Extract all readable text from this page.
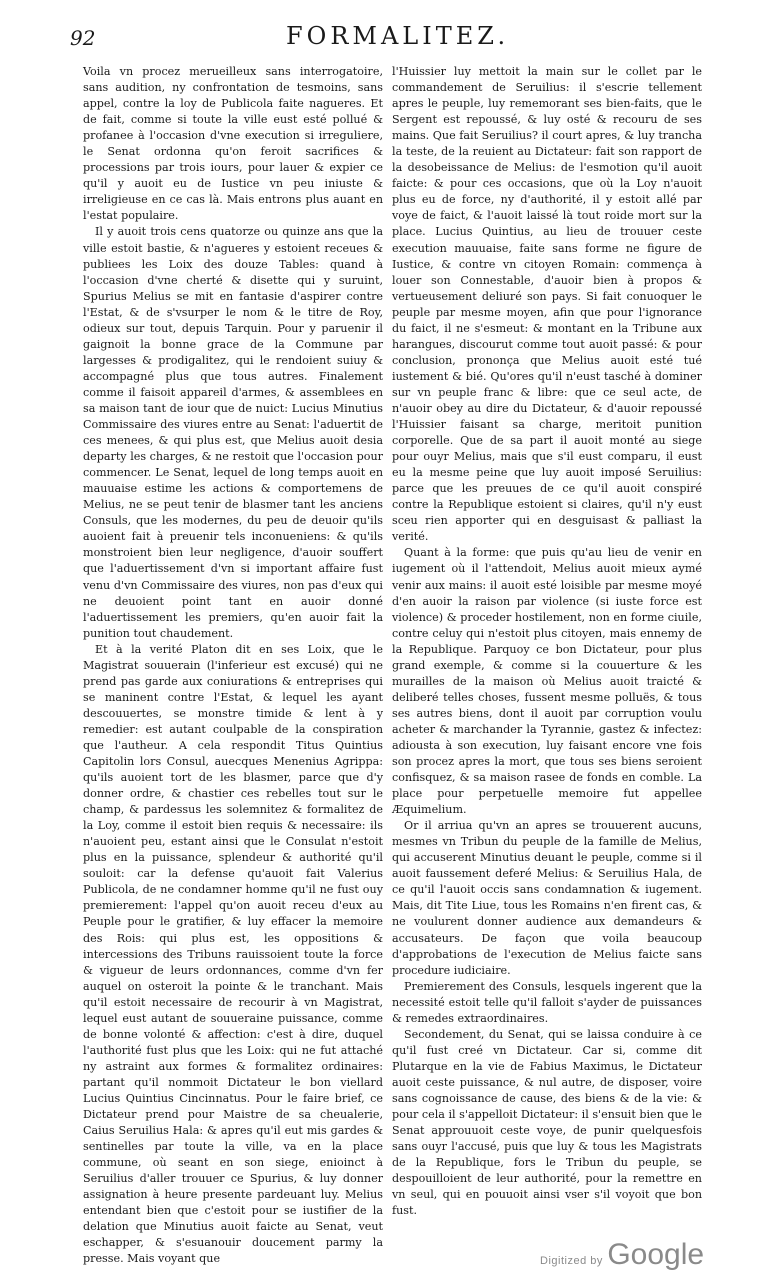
92	FORMALITEZ.

Voila vn procez merueilleux sans interrogatoire, sans audition, ny confrontation de tesmoins, sans appel, contre la loy de Publicola faite nagueres. Et de fait, comme si toute la ville eust esté pollué & profanee à l'occasion d'vne execution si irreguliere, le Senat ordonna qu'on feroit sacrifices & processions par trois iours, pour lauer & expier ce qu'il y auoit eu de Iustice vn peu iniuste & irreligieuse en ce cas là. Mais entrons plus auant en l'estat populaire.

Il y auoit trois cens quatorze ou quinze ans que la ville estoit bastie, & n'agueres y estoient receues & publiees les Loix des douze Tables: quand à l'occasion d'vne cherté & disette qui y suruint, Spurius Melius se mit en fantasie d'aspirer contre l'Estat, & de s'vsurper le nom & le titre de Roy, odieux sur tout, depuis Tarquin. Pour y paruenir il gaignoit la bonne grace de la Commune par largesses & prodigalitez, qui le rendoient suiuy & accompagné plus que tous autres. Finalement comme il faisoit appareil d'armes, & assemblees en sa maison tant de iour que de nuict: Lucius Minutius Commissaire des viures entre au Senat: l'aduertit de ces menees, & qui plus est, que Melius auoit desia departy les charges, & ne restoit que l'occasion pour commencer. Le Senat, lequel de long temps auoit en mauuaise estime les actions & comportemens de Melius, ne se peut tenir de blasmer tant les anciens Consuls, que les modernes, du peu de deuoir qu'ils auoient fait à preuenir tels inconueniens: & qu'ils monstroient bien leur negligence, d'auoir souffert que l'aduertissement d'vn si important affaire fust venu d'vn Commissaire des viures, non pas d'eux qui ne deuoient point tant en auoir donné l'aduertissement les premiers, qu'en auoir fait la punition tout chaudement.

Et à la verité Platon dit en ses Loix, que le Magistrat souuerain (l'inferieur est excusé) qui ne prend pas garde aux coniurations & entreprises qui se maninent contre l'Estat, & lequel les ayant descouuertes, se monstre timide & lent à y remedier: est autant coulpable de la conspiration que l'autheur. A cela respondit Titus Quintius Capitolin lors Consul, auecques Menenius Agrippa: qu'ils auoient tort de les blasmer, parce que d'y donner ordre, & chastier ces rebelles tout sur le champ, & pardessus les solemnitez & formalitez de la Loy, comme il estoit bien requis & necessaire: ils n'auoient peu, estant ainsi que le Consulat n'estoit plus en la puissance, splendeur & authorité qu'il souloit: car la defense qu'auoit fait Valerius Publicola, de ne condamner homme qu'il ne fust ouy premierement: l'appel qu'on auoit receu d'eux au Peuple pour le gratifier, & luy effacer la memoire des Rois: qui plus est, les oppositions & intercessions des Tribuns rauissoient toute la force & vigueur de leurs ordonnances, comme d'vn fer auquel on osteroit la pointe & le tranchant. Mais qu'il estoit necessaire de recourir à vn Magistrat, lequel eust autant de souueraine puissance, comme de bonne volonté & affection: c'est à dire, duquel l'authorité fust plus que les Loix: qui ne fut attaché ny astraint aux formes & formalitez ordinaires: partant qu'il nommoit Dictateur le bon viellard Lucius Quintius Cincinnatus. Pour le faire brief, ce Dictateur prend pour Maistre de sa cheualerie, Caius Seruilius Hala: & apres qu'il eut mis gardes & sentinelles par toute la ville, va en la place commune, où seant en son siege, enioinct à Seruilius d'aller trouuer ce Spurius, & luy donner assignation à heure presente pardeuant luy. Melius entendant bien que c'estoit pour se iustifier de la delation que Minutius auoit faicte au Senat, veut eschapper, & s'esuanouir doucement parmy la presse. Mais voyant que

l'Huissier luy mettoit la main sur le collet par le commandement de Seruilius: il s'escrie tellement apres le peuple, luy rememorant ses bien-faits, que le Sergent est repoussé, & luy osté & recouru de ses mains. Que fait Seruilius? il court apres, & luy trancha la teste, de la reuient au Dictateur: fait son rapport de la desobeissance de Melius: de l'esmotion qu'il auoit faicte: & pour ces occasions, que où la Loy n'auoit plus eu de force, ny d'authorité, il y estoit allé par voye de faict, & l'auoit laissé là tout roide mort sur la place. Lucius Quintius, au lieu de trouuer ceste execution mauuaise, faite sans forme ne figure de Iustice, & contre vn citoyen Romain: commença à louer son Connestable, d'auoir bien à propos & vertueusement deliuré son pays. Si fait conuoquer le peuple par mesme moyen, afin que pour l'ignorance du faict, il ne s'esmeut: & montant en la Tribune aux harangues, discourut comme tout auoit passé: & pour conclusion, prononça que Melius auoit esté tué iustement & bié. Qu'ores qu'il n'eust tasché à dominer sur vn peuple franc & libre: que ce seul acte, de n'auoir obey au dire du Dictateur, & d'auoir repoussé l'Huissier faisant sa charge, meritoit punition corporelle. Que de sa part il auoit monté au siege pour ouyr Melius, mais que s'il eust comparu, il eust eu la mesme peine que luy auoit imposé Seruilius: parce que les preuues de ce qu'il auoit conspiré contre la Republique estoient si claires, qu'il n'y eust sceu rien apporter qui en desguisast & palliast la verité.

Quant à la forme: que puis qu'au lieu de venir en iugement où il l'attendoit, Melius auoit mieux aymé venir aux mains: il auoit esté loisible par mesme moyé d'en auoir la raison par violence (si iuste force est violence) & proceder hostilement, non en forme ciuile, contre celuy qui n'estoit plus citoyen, mais ennemy de la Republique. Parquoy ce bon Dictateur, pour plus grand exemple, & comme si la couuerture & les murailles de la maison où Melius auoit traicté & deliberé telles choses, fussent mesme polluës, & tous ses autres biens, dont il auoit par corruption voulu acheter & marchander la Tyrannie, gastez & infectez: adiousta à son execution, luy faisant encore vne fois son procez apres la mort, que tous ses biens seroient confisquez, & sa maison rasee de fonds en comble. La place pour perpetuelle memoire fut appellee Æquimelium.

Or il arriua qu'vn an apres se trouuerent aucuns, mesmes vn Tribun du peuple de la famille de Melius, qui accuserent Minutius deuant le peuple, comme si il auoit faussement deferé Melius: & Seruilius Hala, de ce qu'il l'auoit occis sans condamnation & iugement. Mais, dit Tite Liue, tous les Romains n'en firent cas, & ne voulurent donner audience aux demandeurs & accusateurs. De façon que voila beaucoup d'approbations de l'execution de Melius faicte sans procedure iudiciaire.

Premierement des Consuls, lesquels ingerent que la necessité estoit telle qu'il falloit s'ayder de puissances & remedes extraordinaires.

Secondement, du Senat, qui se laissa conduire à ce qu'il fust creé vn Dictateur. Car si, comme dit Plutarque en la vie de Fabius Maximus, le Dictateur auoit ceste puissance, & nul autre, de disposer, voire sans cognoissance de cause, des biens & de la vie: & pour cela il s'appelloit Dictateur: il s'ensuit bien que le Senat approuuoit ceste voye, de punir quelquesfois sans ouyr l'accusé, puis que luy & tous les Magistrats de la Republique, fors le Tribun du peuple, se despouilloient de leur authorité, pour la remettre en vn seul, qui en pouuoit ainsi vser s'il voyoit que bon fust.

Digitized by Google
